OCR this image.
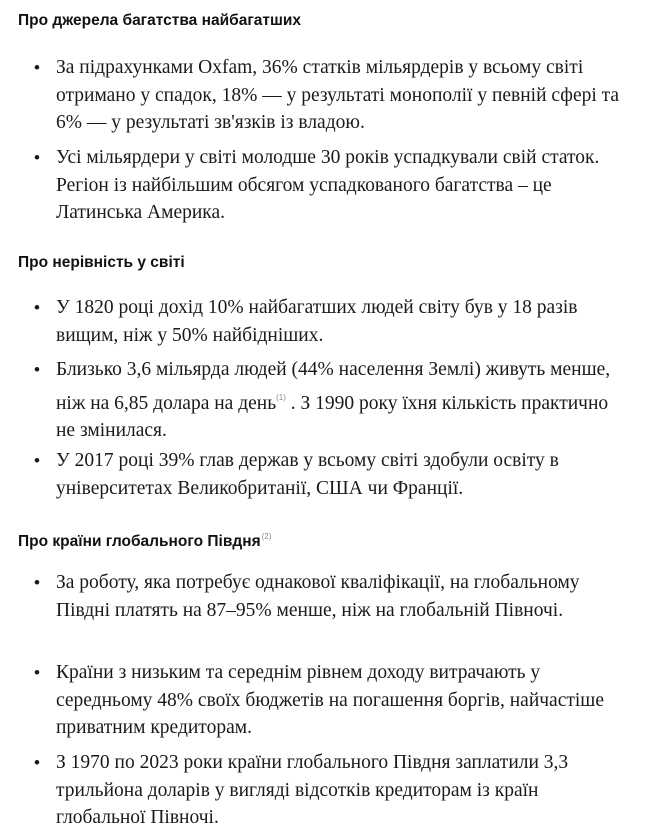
Про джерела багатства найбагатших
• За підрахунками Oxfam, 36% статків мільярдерів у всьому світі отримано у спадок, 18% — у результаті монополії у певній сфері та 6% — у результаті зв'язків із владою.
• Усі мільярдери у світі молодше 30 років успадкували свій статок. Регіон із найбільшим обсягом успадкованого багатства – це Латинська Америка.
Про нерівність у світі
• У 1820 році дохід 10% найбагатших людей світу був у 18 разів вищим, ніж у 50% найбідніших.
• Близько 3,6 мільярда людей (44% населення Землі) живуть менше, ніж на 6,85 долара на день$^{(1)}$ . З 1990 року їхня кількість практично не змінилася.
• У 2017 році 39% глав держав у всьому світі здобули освіту в університетах Великобританії, США чи Франції.
Про країни глобального Півдня$^{(2)}$
• За роботу, яка потребує однакової кваліфікації, на глобальному Півдні платять на 87–95% менше, ніж на глобальній Півночі.
• Країни з низьким та середнім рівнем доходу витрачають у середньому 48% своїх бюджетів на погашення боргів, найчастіше приватним кредиторам.
• З 1970 по 2023 роки країни глобального Півдня заплатили 3,3 трильйона доларів у вигляді відсотків кредиторам із країн глобальної Півночі.
